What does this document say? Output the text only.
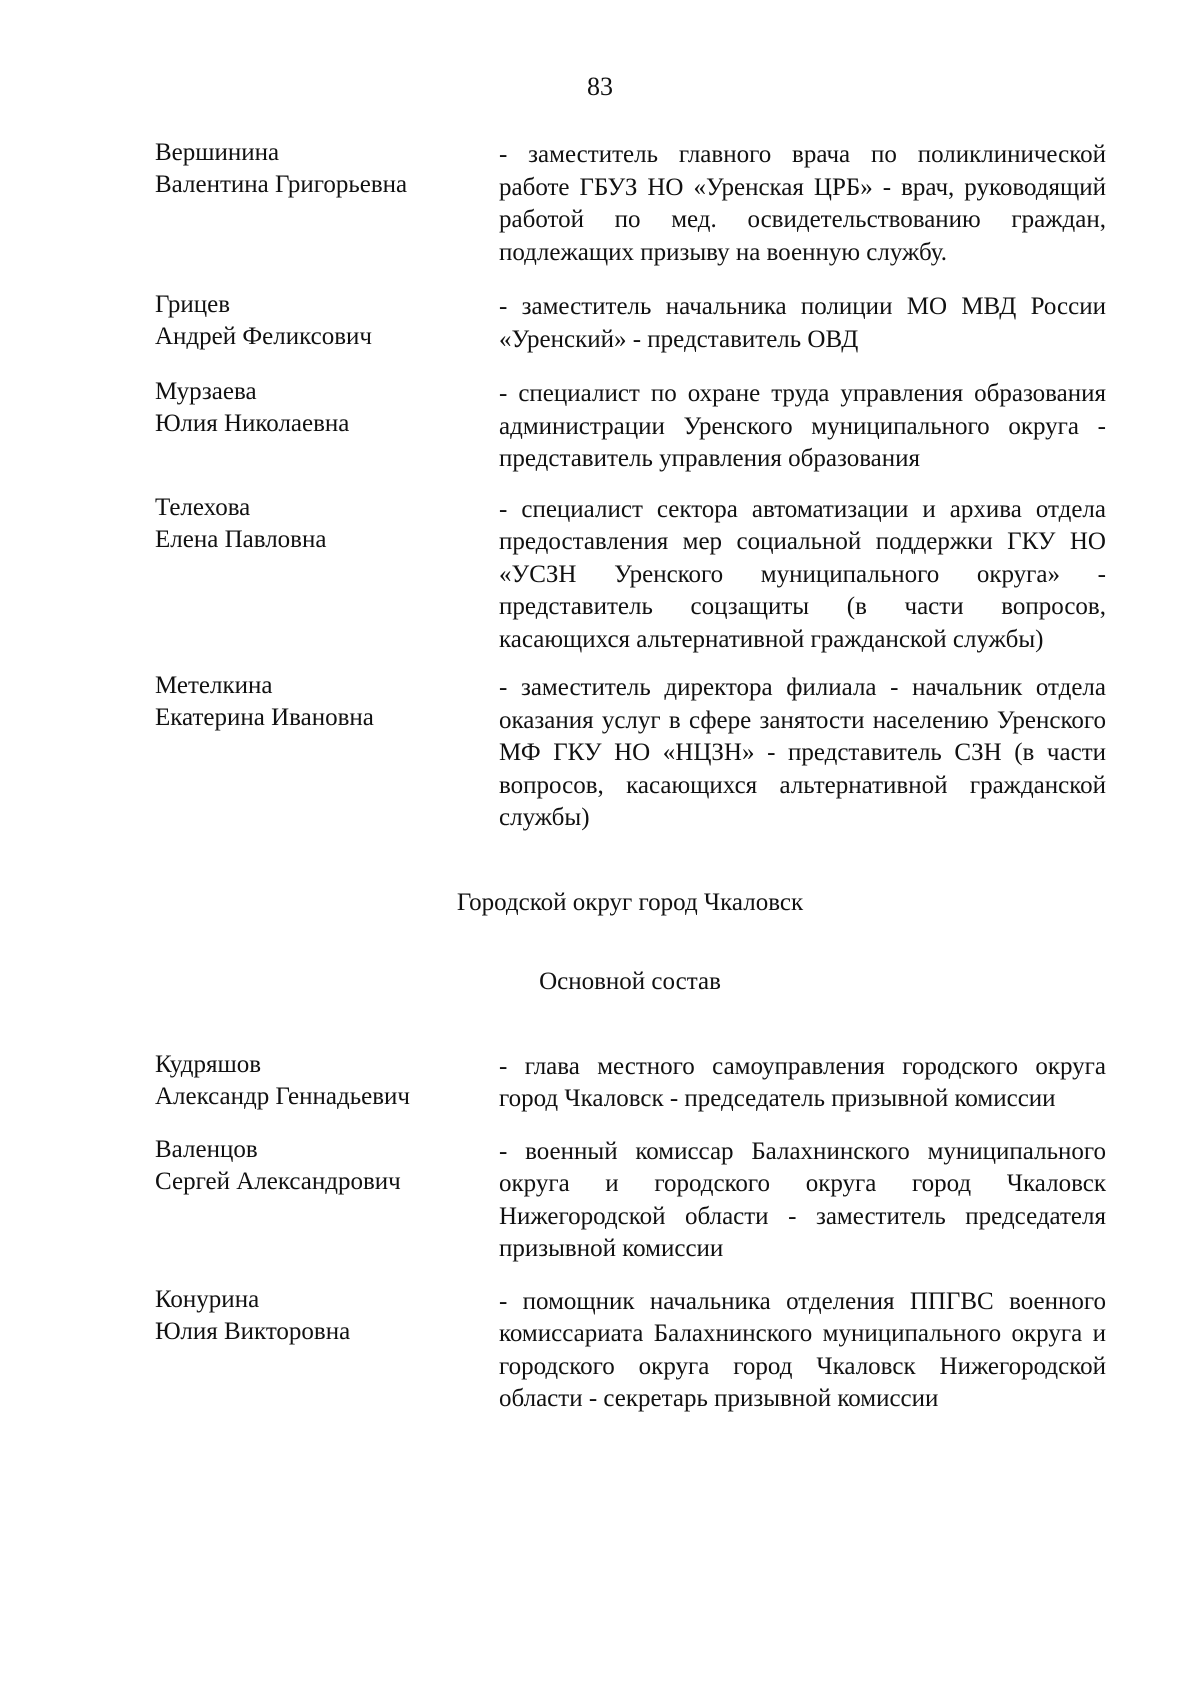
83
Вершинина
Валентина Григорьевна
- заместитель главного врача по поликлинической работе ГБУЗ НО «Уренская ЦРБ» - врач, руководящий работой по мед. освидетельствованию граждан, подлежащих призыву на военную службу.
Грицев
Андрей Феликсович
- заместитель начальника полиции МО МВД России «Уренский» - представитель ОВД
Мурзаева
Юлия Николаевна
- специалист по охране труда управления образования администрации Уренского муниципального округа - представитель управления образования
Телехова
Елена Павловна
- специалист сектора автоматизации и архива отдела предоставления мер социальной поддержки ГКУ НО «УСЗН Уренского муниципального округа» - представитель соцзащиты (в части вопросов, касающихся альтернативной гражданской службы)
Метелкина
Екатерина Ивановна
- заместитель директора филиала - начальник отдела оказания услуг в сфере занятости населению Уренского МФ ГКУ НО «НЦЗН» - представитель СЗН (в части вопросов, касающихся альтернативной гражданской службы)
Городской округ город Чкаловск
Основной состав
Кудряшов
Александр Геннадьевич
- глава местного самоуправления городского округа город Чкаловск - председатель призывной комиссии
Валенцов
Сергей Александрович
- военный комиссар Балахнинского муниципального округа и городского округа город Чкаловск Нижегородской области - заместитель председателя призывной комиссии
Конурина
Юлия Викторовна
- помощник начальника отделения ППГВС военного комиссариата Балахнинского муниципального округа и городского округа город Чкаловск Нижегородской области - секретарь призывной комиссии
